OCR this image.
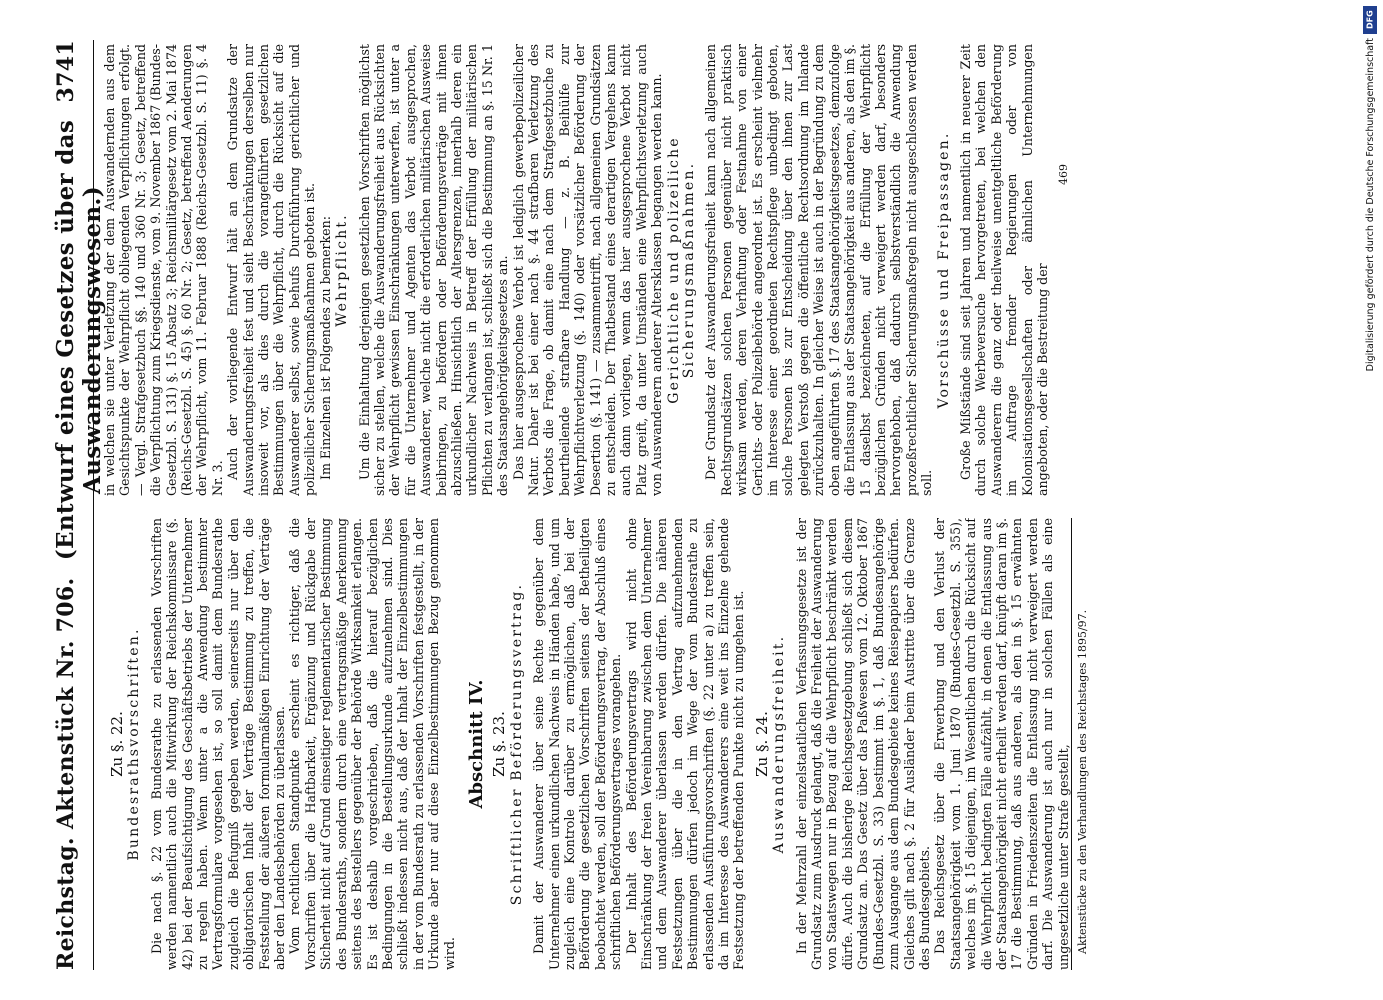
Reichstag. Aktenstück Nr. 706.
(Entwurf eines Gesetzes über das Auswanderungswesen.)
3741
Zu §. 22. Bundesrathsvorschriften. Die nach §. 22 vom Bundesrathe zu erlassenden Vorschriften werden namentlich auch die Mitwirkung der Reichskommissare (§. 42) bei der Beaufsichtigung des Geschäftsbetriebs der Unternehmer zu regeln haben. Wenn unter a die Anwendung bestimmter Vertragsformulare vorgesehen ist, so soll damit dem Bundesrathe zugleich die Befugniß gegeben werden, seinerseits nur über den obligatorischen Inhalt der Verträge Bestimmung zu treffen, die Feststellung der äußeren formularmäßigen Einrichtung der Verträge aber den Landesbehörden zu überlassen. Vom rechtlichen Standpunkte erscheint es richtiger, daß die Vorschriften über die Haftbarkeit, Ergänzung und Rückgabe der Sicherheit nicht auf Grund einseitiger reglementarischer Bestimmung des Bundesraths, sondern durch eine vertragsmäßige Anerkennung seitens des Bestellers gegenüber der Behörde Wirksamkeit erlangen. Es ist deshalb vorgeschrieben, daß die hierauf bezüglichen Bedingungen in die Bestellungsurkunde aufzunehmen sind. Dies schließt indessen nicht aus, daß der Inhalt der Einzelbestimmungen in der vom Bundesrath zu erlassenden Vorschriften festgestellt, in der Urkunde aber nur auf diese Einzelbestimmungen Bezug genommen wird.

Abschnitt IV. Zu §. 23. Schriftlicher Beförderungsvertrag. Damit der Auswanderer über seine Rechte gegenüber dem Unternehmer einen urkundlichen Nachweis in Händen habe, und um zugleich eine Kontrole darüber zu ermöglichen, daß bei der Beförderung die gesetzlichen Vorschriften seitens der Betheiligten beobachtet werden, soll der Beförderungsvertrag, der Abschluß eines schriftlichen Beförderungsvertrages vorangehen. Der Inhalt des Beförderungsvertrags wird nicht ohne Einschränkung der freien Vereinbarung zwischen dem Unternehmer und dem Auswanderer überlassen werden dürfen. Die näheren Festsetzungen über die in den Vertrag aufzunehmenden Bestimmungen dürfen jedoch im Wege der vom Bundesrathe zu erlassenden Ausführungsvorschriften (§. 22 unter a) zu treffen sein, da im Interesse des Auswanderers eine weit ins Einzelne gehende Festsetzung der betreffenden Punkte nicht zu umgehen ist. Zu §. 24. Auswanderungsfreiheit. In der Mehrzahl der einzelstaatlichen Verfassungsgesetze ist der Grundsatz zum Ausdruck gelangt, daß die Freiheit der Auswanderung von Staatswegen nur in Bezug auf die Wehrpflicht beschränkt werden dürfe. Auch die bisherige Reichsgesetzgebung schließt sich diesem Grundsatz an. Das Gesetz über das Paßwesen vom 12. Oktober 1867 (Bundes-Gesetzbl. S. 33) bestimmt im §. 1, daß Bundesangehörige zum Ausgange aus dem Bundesgebiete keines Reisepapiers bedürfen. Gleiches gilt nach §. 2 für Ausländer beim Austritte über die Grenze des Bundesgebiets. Das Reichsgesetz über die Erwerbung und den Verlust der Staatsangehörigkeit vom 1. Juni 1870 (Bundes-Gesetzbl. S. 355), welches im §. 15 diejenigen, im Wesentlichen durch die Rücksicht auf die Wehrpflicht bedingten Fälle aufzählt, in denen die Entlassung aus der Staatsangehörigkeit nicht ertheilt werden darf, knüpft daran im §. 17 die Bestimmung, daß aus anderen, als den in §. 15 erwähnten Gründen in Friedenszeiten die Entlassung nicht verweigert werden darf. Die Auswanderung ist auch nur in solchen Fällen als eine ungesetzliche unter Strafe gestellt, Aktenstücke zu den Verhandlungen des Reichstages 1895/97.

in welchen sie unter Verletzung der dem Auswandernden aus dem Gesichtspunkte der Wehrpflicht obliegenden Verpflichtungen erfolgt. — Vergl. Strafgesetzbuch §§. 140 und 360 Nr. 3; Gesetz, betreffend die Verpflichtung zum Kriegsdienste, vom 9. November 1867 (Bundes-Gesetzbl. S. 131) §. 15 Absatz 3; Reichsmilitärgesetz vom 2. Mai 1874 (Reichs-Gesetzbl. S. 45) §. 60 Nr. 2; Gesetz, betreffend Aenderungen der Wehrpflicht, vom 11. Februar 1888 (Reichs-Gesetzbl. S. 11) §. 4 Nr. 3. Auch der vorliegende Entwurf hält an dem Grundsatze der Auswanderungsfreiheit fest und sieht Beschränkungen derselben nur insoweit vor, als dies durch die vorangeführten gesetzlichen Bestimmungen über die Wehrpflicht, durch die Rücksicht auf die Auswanderer selbst, sowie behufs Durchführung gerichtlicher und polizeilicher Sicherungsmaßnahmen geboten ist. Im Einzelnen ist Folgendes zu bemerken: Wehrpflicht. Um die Einhaltung derjenigen gesetzlichen Vorschriften möglichst sicher zu stellen, welche die Auswanderungsfreiheit aus Rücksichten der Wehrpflicht gewissen Einschränkungen unterwerfen, ist unter a für die Unternehmer und Agenten das Verbot ausgesprochen, Auswanderer, welche nicht die erforderlichen militärischen Ausweise beibringen, zu befördern oder Beförderungsverträge mit ihnen abzuschließen. Hinsichtlich der Altersgrenzen, innerhalb deren ein urkundlicher Nachweis in Betreff der Erfüllung der militärischen Pflichten zu verlangen ist, schließt sich die Bestimmung an §. 15 Nr. 1 des Staatsangehörigkeitsgesetzes an. Das hier ausgesprochene Verbot ist lediglich gewerbepolizeilicher Natur. Daher ist bei einer nach §. 44 strafbaren Verletzung des Verbots die Frage, ob damit eine nach dem Strafgesetzbuche zu beurtheilende strafbare Handlung — z. B. Beihülfe zur Wehrpflichtverletzung (§. 140) oder vorsätzlicher Beförderung der Desertion (§. 141) — zusammentrifft, nach allgemeinen Grundsätzen zu entscheiden. Der Thatbestand eines derartigen Vergehens kann auch dann vorliegen, wenn das hier ausgesprochene Verbot nicht Platz greift, da unter Umständen eine Wehrpflichtsverletzung auch von Auswanderern anderer Altersklassen begangen werden kann. Gerichtliche und polizeiliche Sicherungsmaßnahmen. Der Grundsatz der Auswanderungsfreiheit kann nach allgemeinen Rechtsgrundsätzen solchen Personen gegenüber nicht praktisch wirksam werden, deren Verhaftung oder Festnahme von einer Gerichts- oder Polizeibehörde angeordnet ist. Es erscheint vielmehr im Interesse einer geordneten Rechtspflege unbedingt geboten, solche Personen bis zur Entscheidung über den ihnen zur Last gelegten Verstoß gegen die öffentliche Rechtsordnung im Inlande zurückzuhalten. In gleicher Weise ist auch in der Begründung zu dem oben angeführten §. 17 des Staatsangehörigkeitsgesetzes, demzufolge die Entlassung aus der Staatsangehörigkeit aus anderen, als den im §. 15 daselbst bezeichneten, auf die Erfüllung der Wehrpflicht bezüglichen Gründen nicht verweigert werden darf, besonders hervorgehoben, daß dadurch selbstverständlich die Anwendung prozeßrechtlicher Sicherungsmaßregeln nicht ausgeschlossen werden soll.

Vorschüsse und Freipassagen. Große Mißstände sind seit Jahren und namentlich in neuerer Zeit durch solche Werbeversuche hervorgetreten, bei welchen den Auswanderern die ganz oder theilweise unentgeltliche Beförderung im Auftrage fremder Regierungen oder von Kolonisationsgesellschaften oder ähnlichen Unternehmungen angeboten, oder die Bestreitung der

469
DFG
Digitalisierung gefördert durch die Deutsche Forschungsgemeinschaft
